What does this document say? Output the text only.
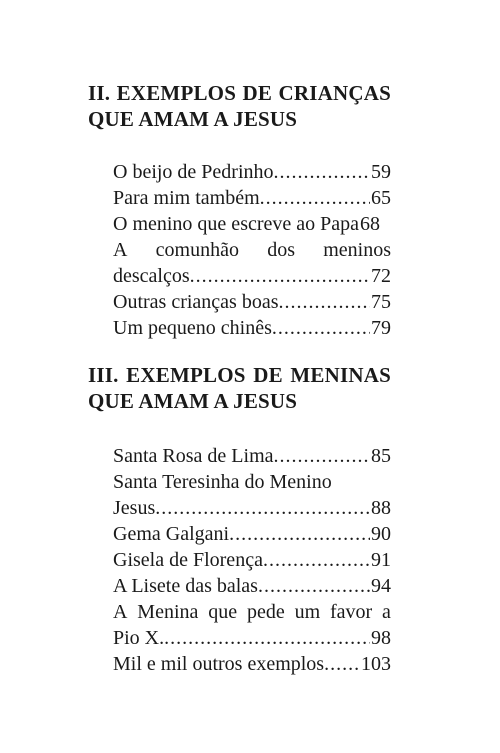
II. EXEMPLOS DE CRIANÇAS
QUE AMAM A JESUS
O beijo de Pedrinho .....	59
Para mim também .....	65
O menino que escreve ao Papa 68
A comunhão dos meninos
descalços .....	72
Outras crianças boas .....	75
Um pequeno chinês .....	79
III. EXEMPLOS DE MENINAS
QUE AMAM A JESUS
Santa Rosa de Lima .....	85
Santa Teresinha do Menino
Jesus .....	88
Gema Galgani .....	90
Gisela de Florença .....	91
A Lisete das balas .....	94
A Menina que pede um favor a
Pio X. .....	98
Mil e mil outros exemplos ..... 103
